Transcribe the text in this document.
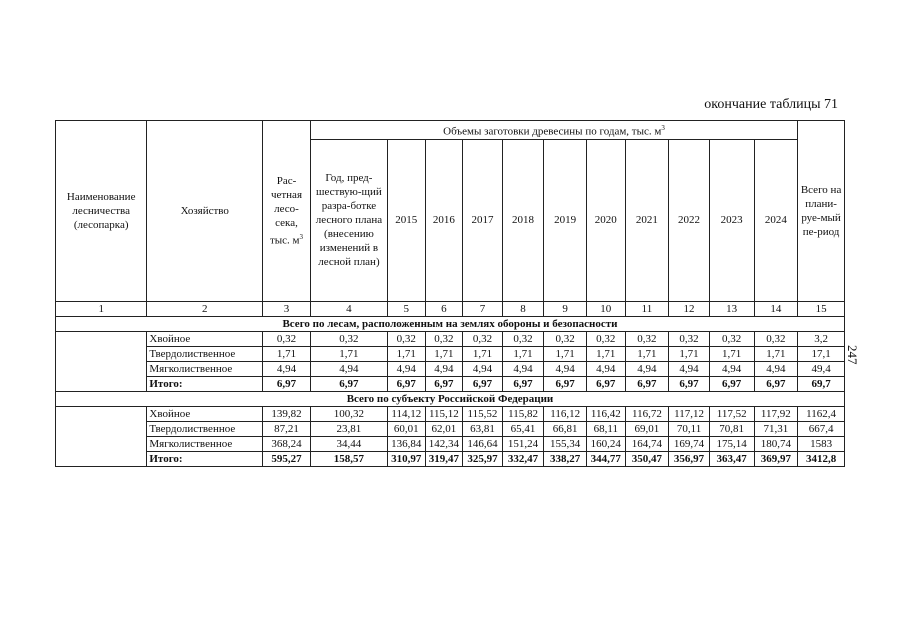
окончание таблицы 71
247
Наименование лесничества (лесопарка)	Хозяйство	Рас-четная лесо-сека, тыс. $м^3$	Объемы заготовки древесины по годам, тыс. $м^3$											Всего на плани-руе-мый пе-риод
			Год, пред-шествую-щий разра-ботке лесного плана (внесению изменений в лесной план)	2015	2016	2017	2018	2019	2020	2021	2022	2023	2024	
1	2	3	4	5	6	7	8	9	10	11	12	13	14	15
Всего по лесам, расположенным на землях обороны и безопасности														
	Хвойное	0,32	0,32	0,32	0,32	0,32	0,32	0,32	0,32	0,32	0,32	0,32	0,32	3,2
	Твердолиственное	1,71	1,71	1,71	1,71	1,71	1,71	1,71	1,71	1,71	1,71	1,71	1,71	17,1
	Мягколиственное	4,94	4,94	4,94	4,94	4,94	4,94	4,94	4,94	4,94	4,94	4,94	4,94	49,4
	Итого:	6,97	6,97	6,97	6,97	6,97	6,97	6,97	6,97	6,97	6,97	6,97	6,97	69,7
Всего по субъекту Российской Федерации														
	Хвойное	139,82	100,32	114,12	115,12	115,52	115,82	116,12	116,42	116,72	117,12	117,52	117,92	1162,4
	Твердолиственное	87,21	23,81	60,01	62,01	63,81	65,41	66,81	68,11	69,01	70,11	70,81	71,31	667,4
	Мягколиственное	368,24	34,44	136,84	142,34	146,64	151,24	155,34	160,24	164,74	169,74	175,14	180,74	1583
	Итого:	595,27	158,57	310,97	319,47	325,97	332,47	338,27	344,77	350,47	356,97	363,47	369,97	3412,8
